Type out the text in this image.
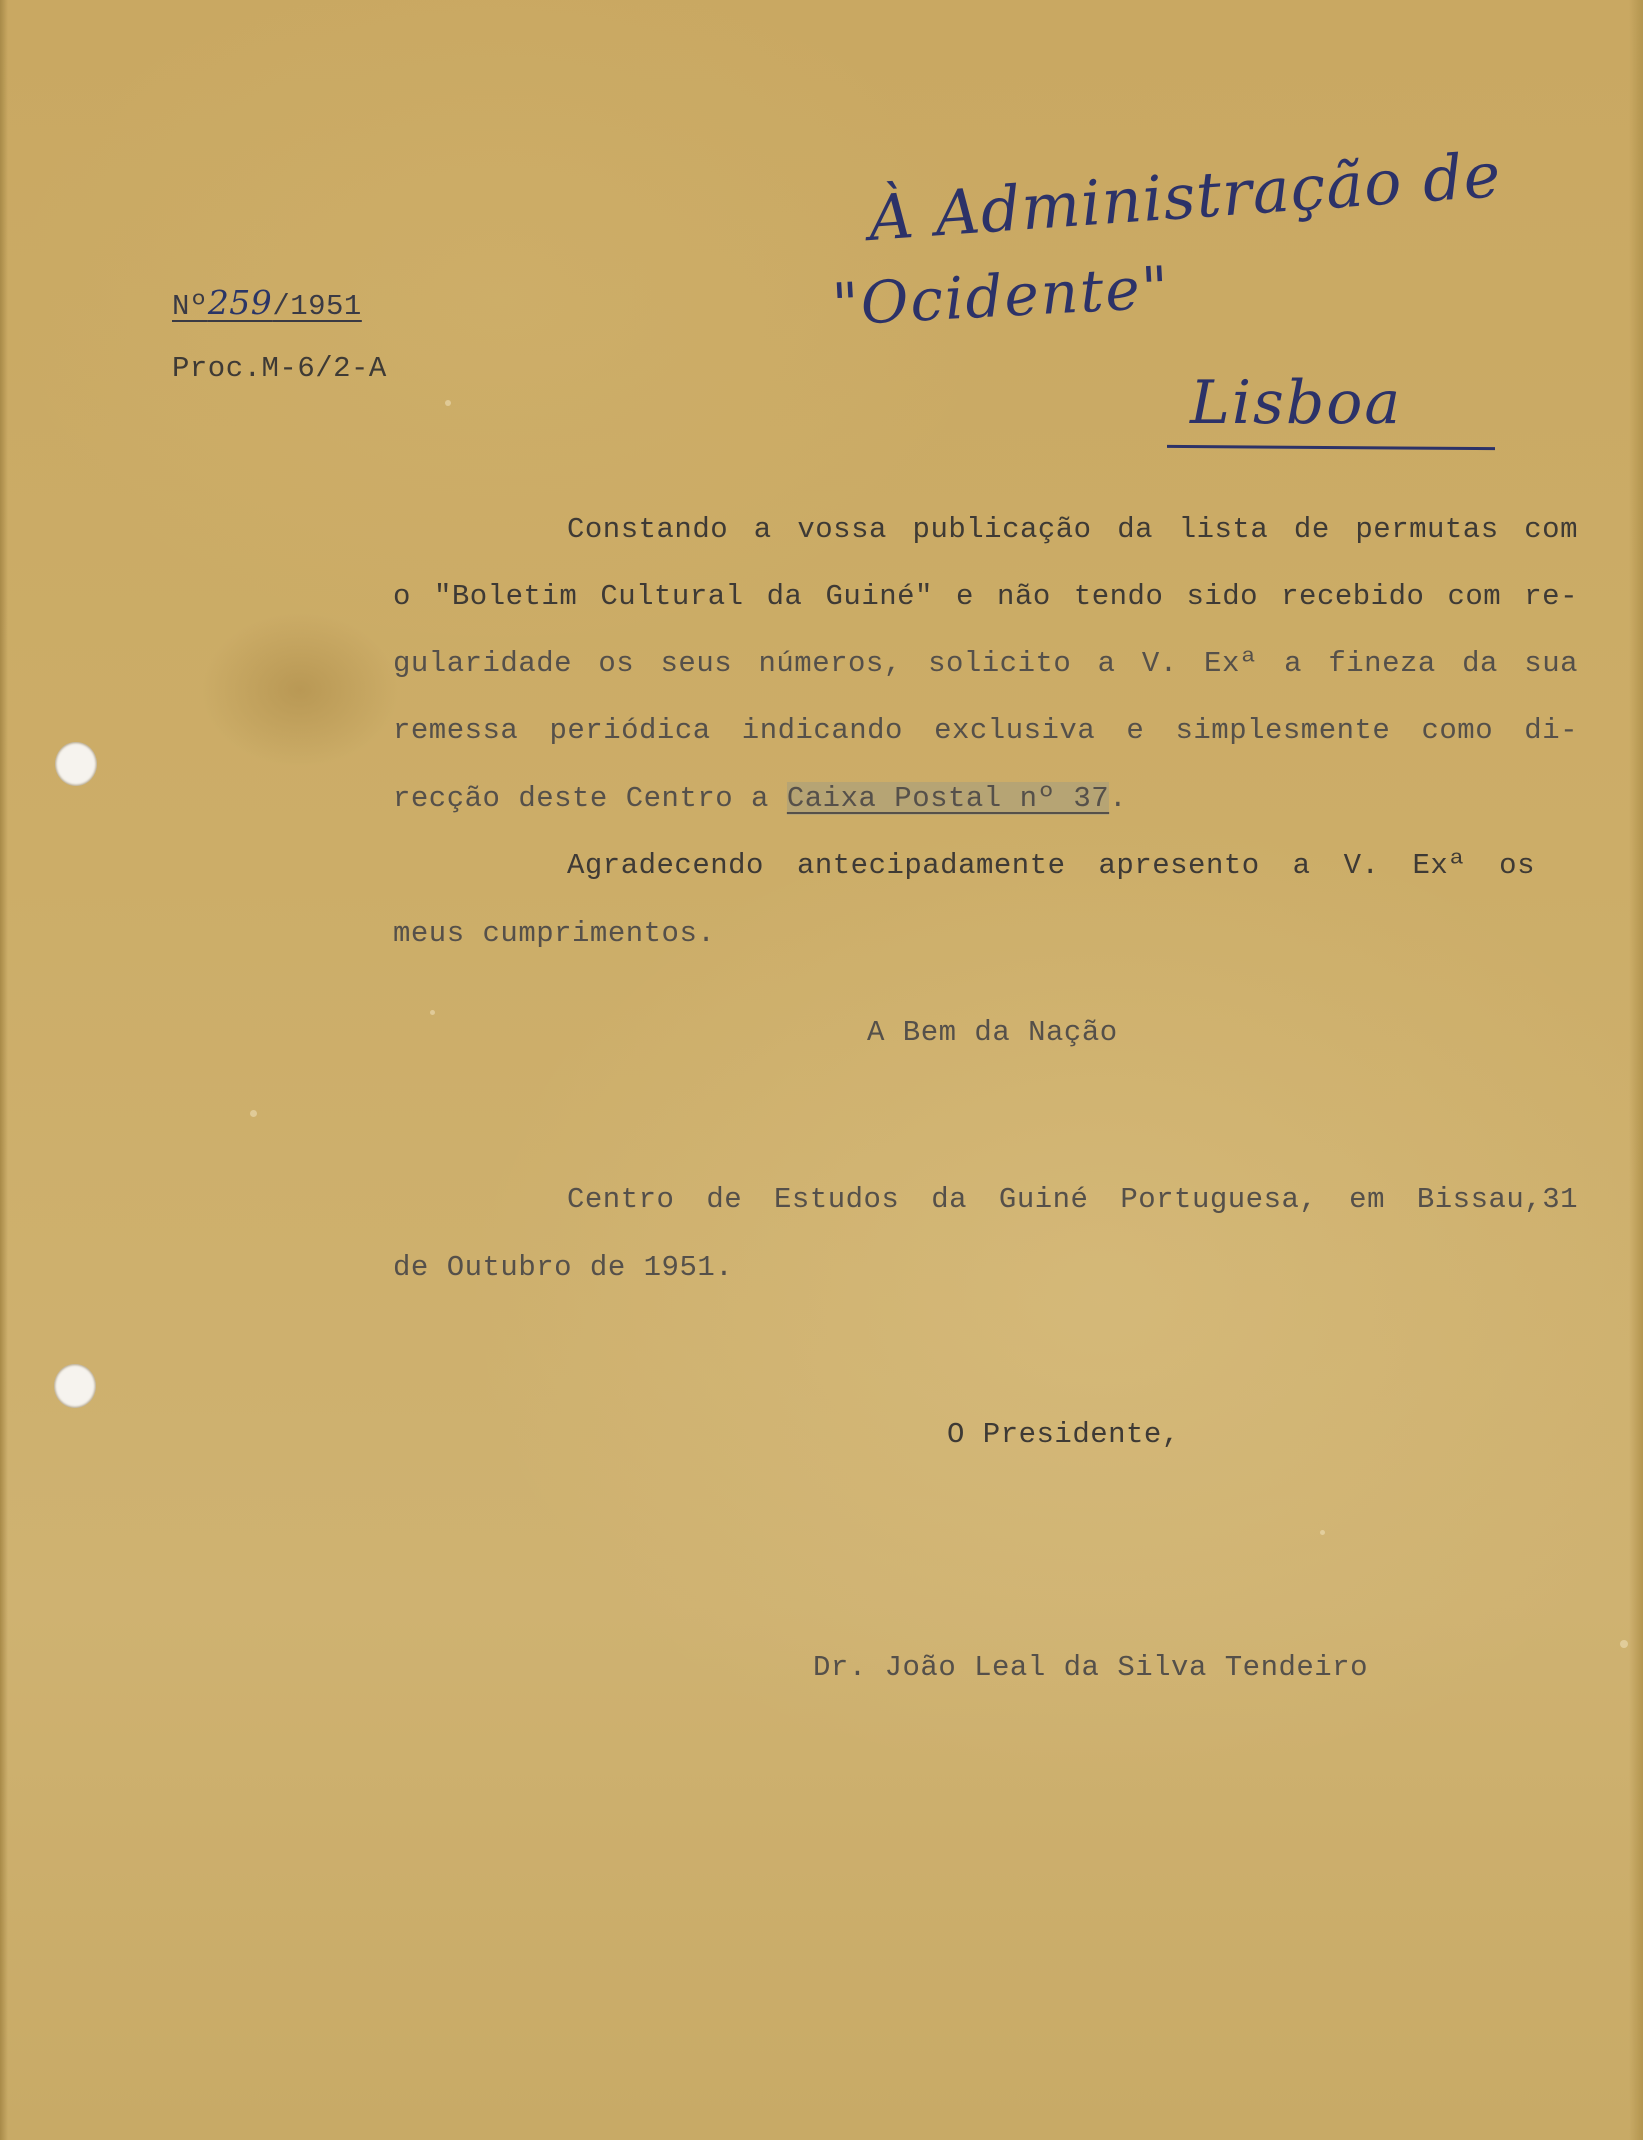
Nº259/1951
Proc.M-6/2-A
À Administração de
"Ocidente"
Lisboa
Constando a vossa publicação da lista de permutas com
o "Boletim Cultural da Guiné" e não tendo sido recebido com re-
gularidade os seus números, solicito a V. Exª a fineza da sua
remessa periódica indicando exclusiva e simplesmente como di-
recção deste Centro a Caixa Postal nº 37.
Agradecendo antecipadamente apresento a V. Exª os
meus cumprimentos.
A Bem da Nação
Centro de Estudos da Guiné Portuguesa, em Bissau,31
de Outubro de 1951.
O Presidente,
Dr. João Leal da Silva Tendeiro
